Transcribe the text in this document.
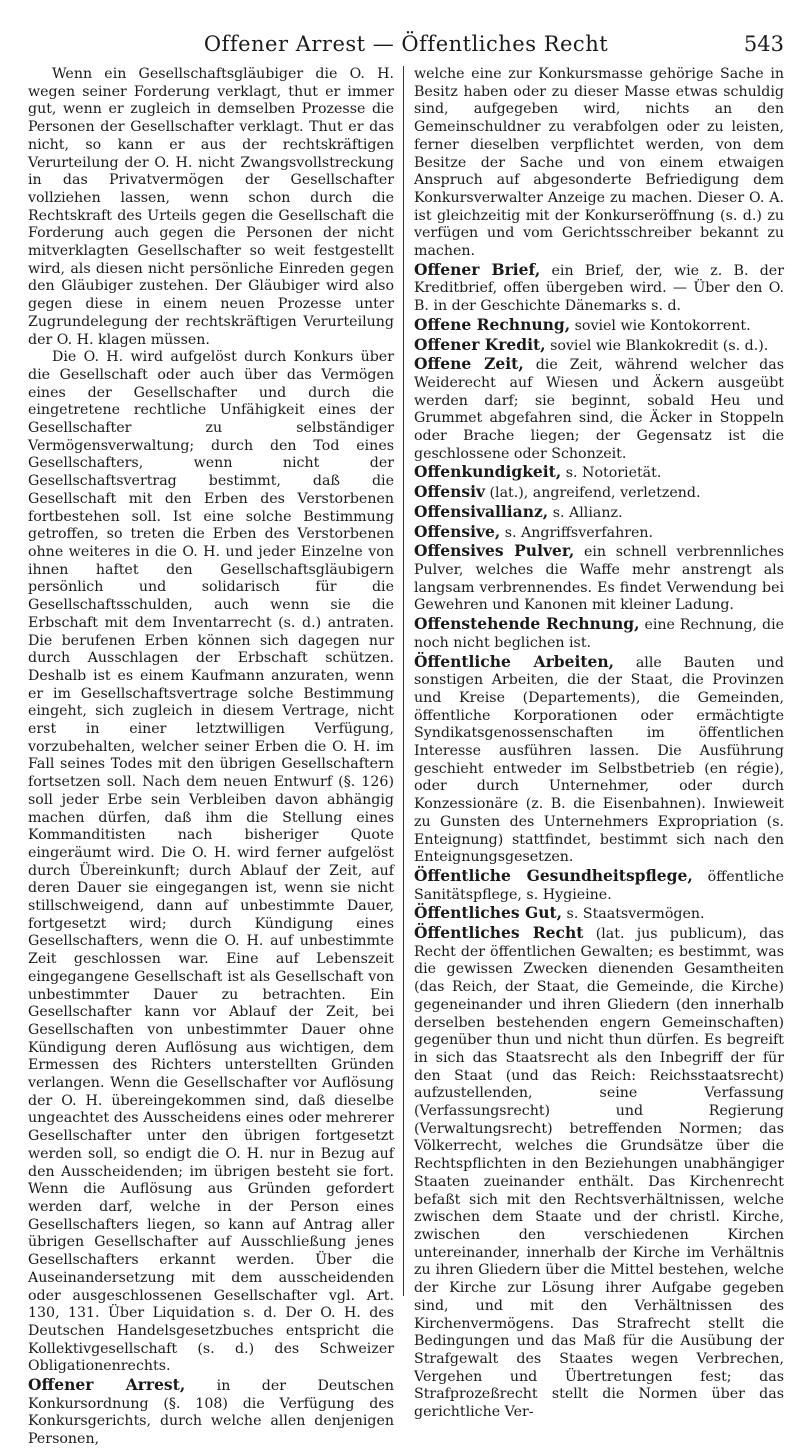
Offener Arrest — Öffentliches Recht	543

Wenn ein Gesellschaftsgläubiger die O. H. wegen seiner Forderung verklagt, thut er immer gut, wenn er zugleich in demselben Prozesse die Personen der Gesellschafter verklagt. Thut er das nicht, so kann er aus der rechtskräftigen Verurteilung der O. H. nicht Zwangsvollstreckung in das Privatvermögen der Gesellschafter vollziehen lassen, wenn schon durch die Rechtskraft des Urteils gegen die Gesellschaft die Forderung auch gegen die Personen der nicht mitverklagten Gesellschafter so weit festgestellt wird, als diesen nicht persönliche Einreden gegen den Gläubiger zustehen. Der Gläubiger wird also gegen diese in einem neuen Prozesse unter Zugrundelegung der rechtskräftigen Verurteilung der O. H. klagen müssen.

Die O. H. wird aufgelöst durch Konkurs über die Gesellschaft oder auch über das Vermögen eines der Gesellschafter und durch die eingetretene rechtliche Unfähigkeit eines der Gesellschafter zu selbständiger Vermögensverwaltung; durch den Tod eines Gesellschafters, wenn nicht der Gesellschaftsvertrag bestimmt, daß die Gesellschaft mit den Erben des Verstorbenen fortbestehen soll. Ist eine solche Bestimmung getroffen, so treten die Erben des Verstorbenen ohne weiteres in die O. H. und jeder Einzelne von ihnen haftet den Gesellschaftsgläubigern persönlich und solidarisch für die Gesellschaftsschulden, auch wenn sie die Erbschaft mit dem Inventarrecht (s. d.) antraten. Die berufenen Erben können sich dagegen nur durch Ausschlagen der Erbschaft schützen. Deshalb ist es einem Kaufmann anzuraten, wenn er im Gesellschaftsvertrage solche Bestimmung eingeht, sich zugleich in diesem Vertrage, nicht erst in einer letztwilligen Verfügung, vorzubehalten, welcher seiner Erben die O. H. im Fall seines Todes mit den übrigen Gesellschaftern fortsetzen soll. Nach dem neuen Entwurf (§. 126) soll jeder Erbe sein Verbleiben davon abhängig machen dürfen, daß ihm die Stellung eines Kommanditisten nach bisheriger Quote eingeräumt wird. Die O. H. wird ferner aufgelöst durch Übereinkunft; durch Ablauf der Zeit, auf deren Dauer sie eingegangen ist, wenn sie nicht stillschweigend, dann auf unbestimmte Dauer, fortgesetzt wird; durch Kündigung eines Gesellschafters, wenn die O. H. auf unbestimmte Zeit geschlossen war. Eine auf Lebenszeit eingegangene Gesellschaft ist als Gesellschaft von unbestimmter Dauer zu betrachten. Ein Gesellschafter kann vor Ablauf der Zeit, bei Gesellschaften von unbestimmter Dauer ohne Kündigung deren Auflösung aus wichtigen, dem Ermessen des Richters unterstellten Gründen verlangen. Wenn die Gesellschafter vor Auflösung der O. H. übereingekommen sind, daß dieselbe ungeachtet des Ausscheidens eines oder mehrerer Gesellschafter unter den übrigen fortgesetzt werden soll, so endigt die O. H. nur in Bezug auf den Ausscheidenden; im übrigen besteht sie fort. Wenn die Auflösung aus Gründen gefordert werden darf, welche in der Person eines Gesellschafters liegen, so kann auf Antrag aller übrigen Gesellschafter auf Ausschließung jenes Gesellschafters erkannt werden. Über die Auseinandersetzung mit dem ausscheidenden oder ausgeschlossenen Gesellschafter vgl. Art. 130, 131. Über Liquidation s. d. Der O. H. des Deutschen Handelsgesetzbuches entspricht die Kollektivgesellschaft (s. d.) des Schweizer Obligationenrechts.

Offener Arrest, in der Deutschen Konkursordnung (§. 108) die Verfügung des Konkursgerichts, durch welche allen denjenigen Personen,

welche eine zur Konkursmasse gehörige Sache in Besitz haben oder zu dieser Masse etwas schuldig sind, aufgegeben wird, nichts an den Gemeinschuldner zu verabfolgen oder zu leisten, ferner dieselben verpflichtet werden, von dem Besitze der Sache und von einem etwaigen Anspruch auf abgesonderte Befriedigung dem Konkursverwalter Anzeige zu machen. Dieser O. A. ist gleichzeitig mit der Konkurseröffnung (s. d.) zu verfügen und vom Gerichtsschreiber bekannt zu machen.

Offener Brief, ein Brief, der, wie z. B. der Kreditbrief, offen übergeben wird. — Über den O. B. in der Geschichte Dänemarks s. d.

Offene Rechnung, soviel wie Kontokorrent.

Offener Kredit, soviel wie Blankokredit (s. d.).

Offene Zeit, die Zeit, während welcher das Weiderecht auf Wiesen und Äckern ausgeübt werden darf; sie beginnt, sobald Heu und Grummet abgefahren sind, die Äcker in Stoppeln oder Brache liegen; der Gegensatz ist die geschlossene oder Schonzeit.

Offenkundigkeit, s. Notorietät.

Offensiv (lat.), angreifend, verletzend.

Offensivallianz, s. Allianz.

Offensive, s. Angriffsverfahren.

Offensives Pulver, ein schnell verbrennliches Pulver, welches die Waffe mehr anstrengt als langsam verbrennendes. Es findet Verwendung bei Gewehren und Kanonen mit kleiner Ladung.

Offenstehende Rechnung, eine Rechnung, die noch nicht beglichen ist.

Öffentliche Arbeiten, alle Bauten und sonstigen Arbeiten, die der Staat, die Provinzen und Kreise (Departements), die Gemeinden, öffentliche Korporationen oder ermächtigte Syndikatsgenossenschaften im öffentlichen Interesse ausführen lassen. Die Ausführung geschieht entweder im Selbstbetrieb (en régie), oder durch Unternehmer, oder durch Konzessionäre (z. B. die Eisenbahnen). Inwieweit zu Gunsten des Unternehmers Expropriation (s. Enteignung) stattfindet, bestimmt sich nach den Enteignungsgesetzen.

Öffentliche Gesundheitspflege, öffentliche Sanitätspflege, s. Hygieine.

Öffentliches Gut, s. Staatsvermögen.

Öffentliches Recht (lat. jus publicum), das Recht der öffentlichen Gewalten; es bestimmt, was die gewissen Zwecken dienenden Gesamtheiten (das Reich, der Staat, die Gemeinde, die Kirche) gegeneinander und ihren Gliedern (den innerhalb derselben bestehenden engern Gemeinschaften) gegenüber thun und nicht thun dürfen. Es begreift in sich das Staatsrecht als den Inbegriff der für den Staat (und das Reich: Reichsstaatsrecht) aufzustellenden, seine Verfassung (Verfassungsrecht) und Regierung (Verwaltungsrecht) betreffenden Normen; das Völkerrecht, welches die Grundsätze über die Rechtspflichten in den Beziehungen unabhängiger Staaten zueinander enthält. Das Kirchenrecht befaßt sich mit den Rechtsverhältnissen, welche zwischen dem Staate und der christl. Kirche, zwischen den verschiedenen Kirchen untereinander, innerhalb der Kirche im Verhältnis zu ihren Gliedern über die Mittel bestehen, welche der Kirche zur Lösung ihrer Aufgabe gegeben sind, und mit den Verhältnissen des Kirchenvermögens. Das Strafrecht stellt die Bedingungen und das Maß für die Ausübung der Strafgewalt des Staates wegen Verbrechen, Vergehen und Übertretungen fest; das Strafprozeßrecht stellt die Normen über das gerichtliche Ver-
